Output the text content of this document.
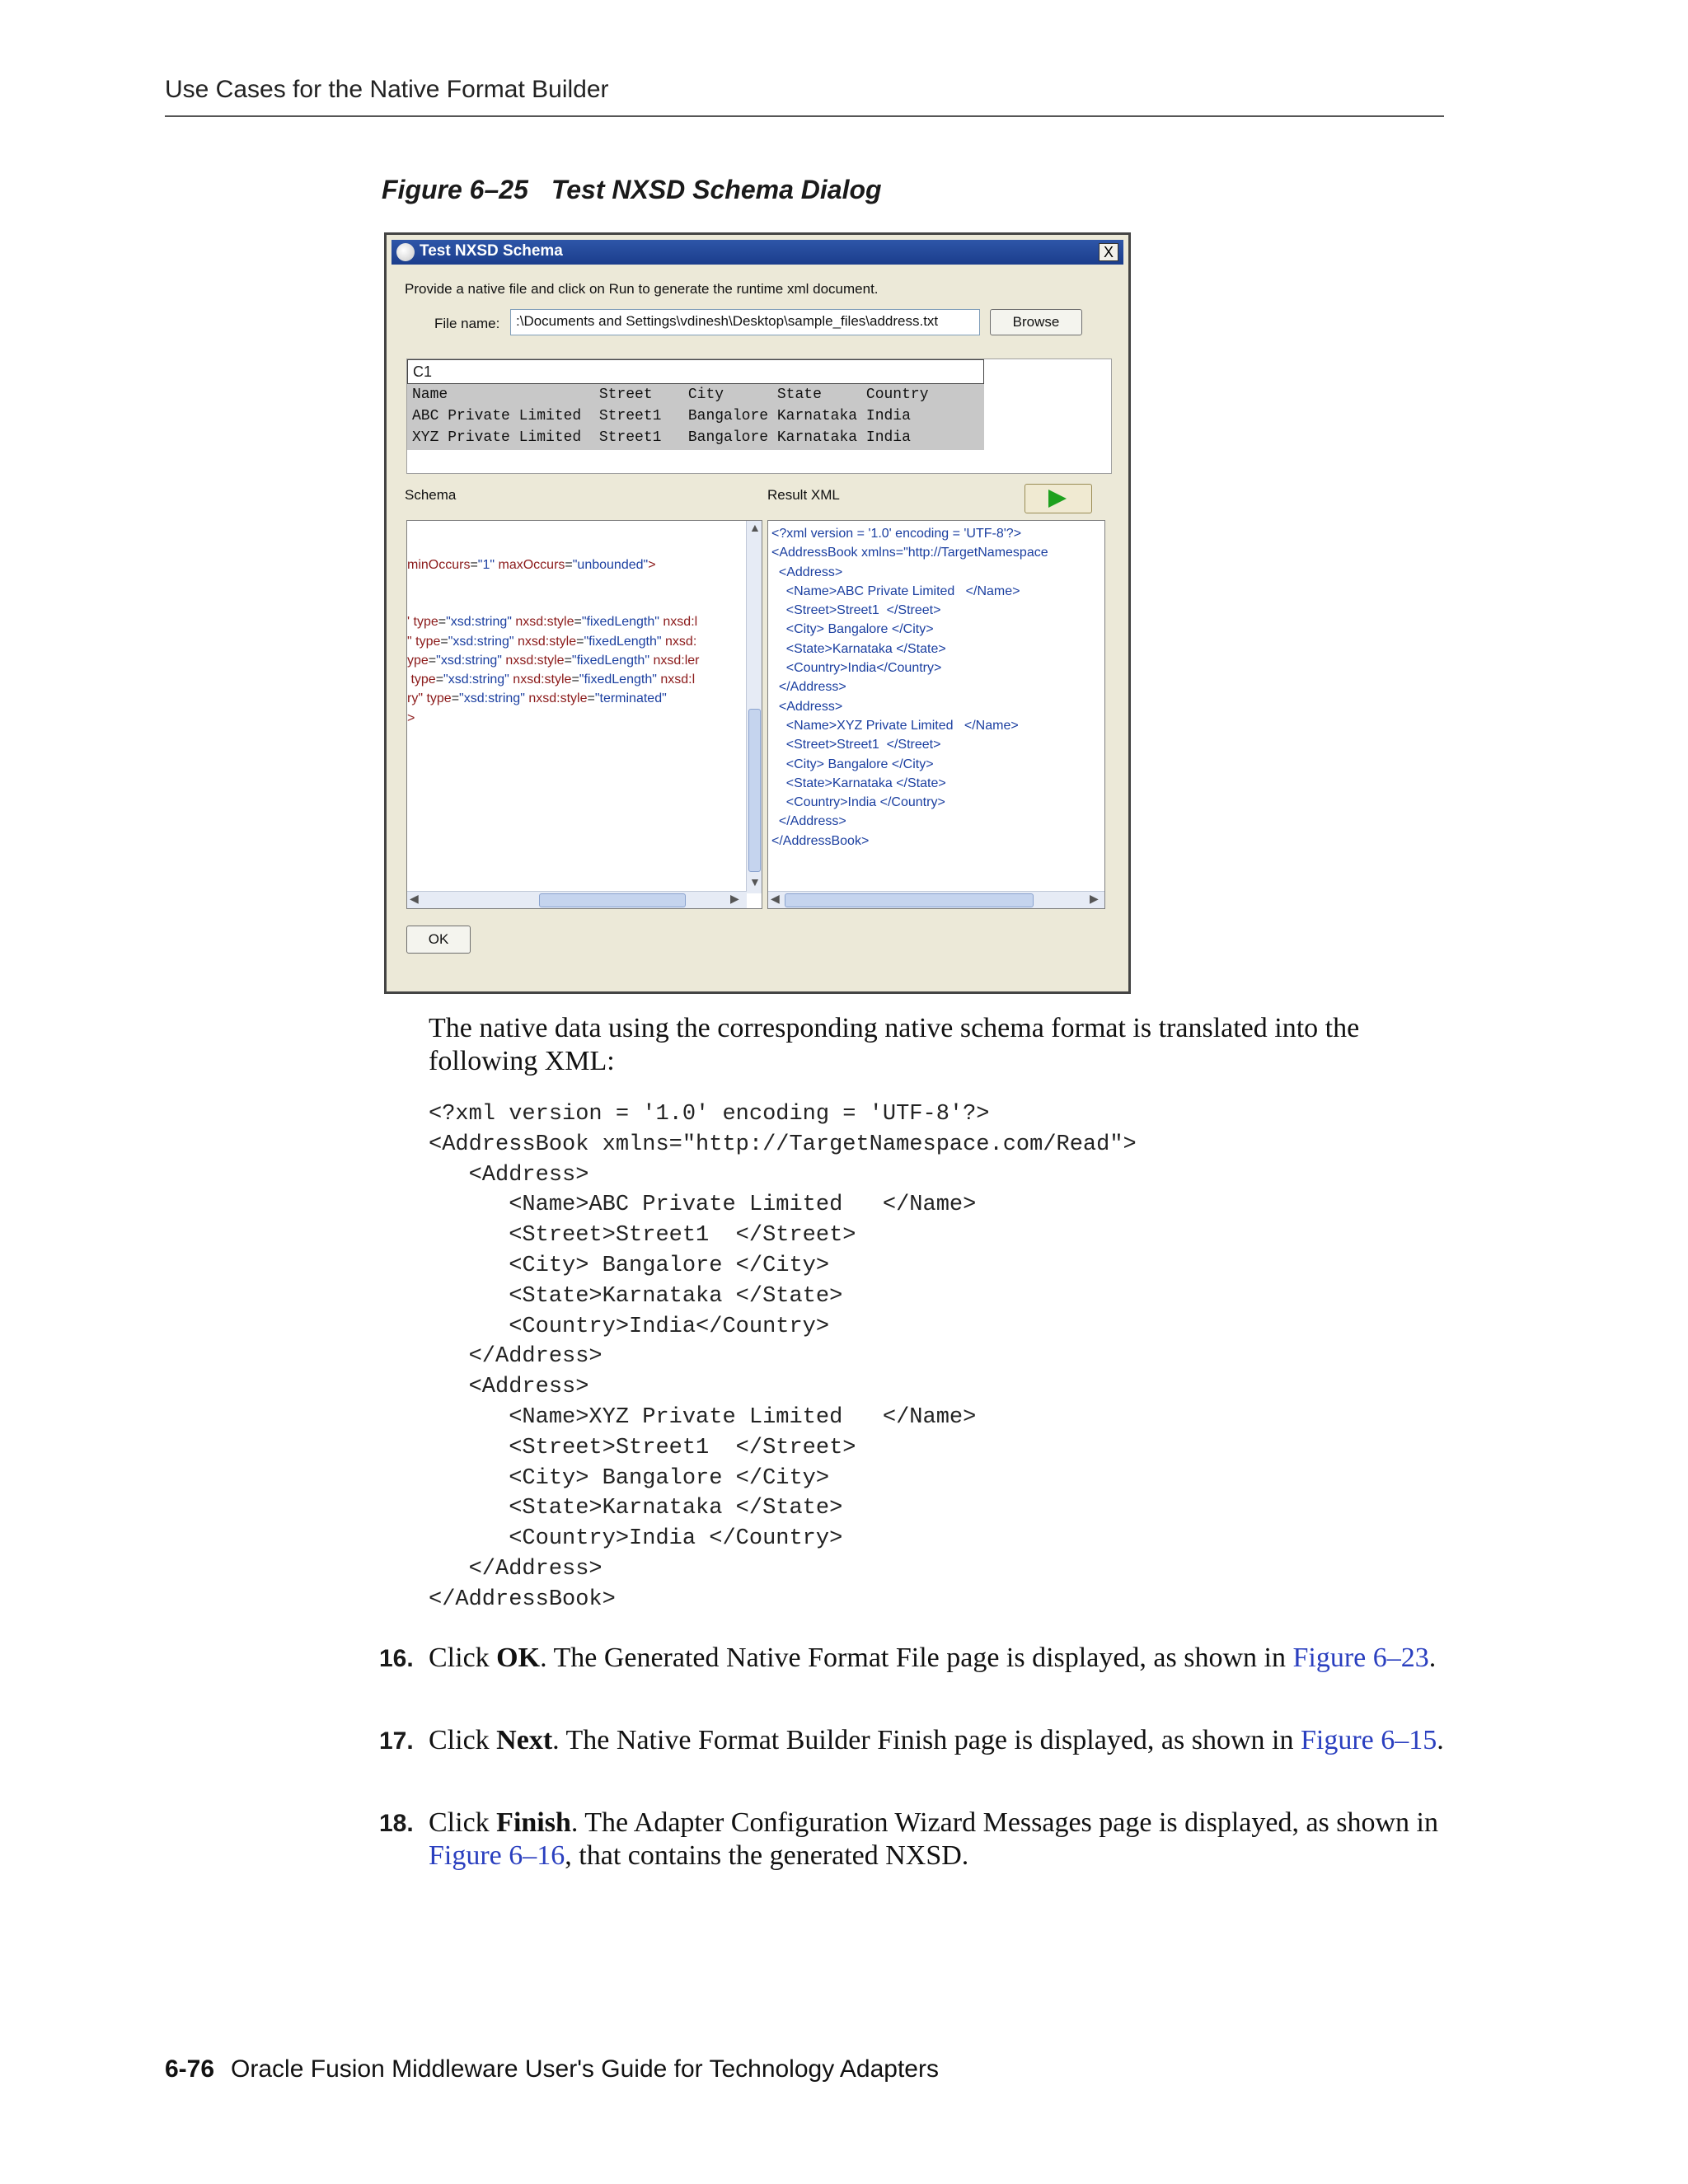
Use Cases for the Native Format Builder
Figure 6–25 Test NXSD Schema Dialog
Test NXSD Schema	X
Provide a native file and click on Run to generate the runtime xml document.
File name:	:\Documents and Settings\vdinesh\Desktop\sample_files\address.txt	Browse
C1
Name                 Street    City      State     Country
ABC Private Limited  Street1   Bangalore Karnataka India
XYZ Private Limited  Street1   Bangalore Karnataka India
Schema	Result XML
minOccurs="1" maxOccurs="unbounded">
' type="xsd:string" nxsd:style="fixedLength" nxsd:l
" type="xsd:string" nxsd:style="fixedLength" nxsd:
ype="xsd:string" nxsd:style="fixedLength" nxsd:ler
type="xsd:string" nxsd:style="fixedLength" nxsd:l
ry" type="xsd:string" nxsd:style="terminated"
>
▲
▼
◀	▶
<?xml version = '1.0' encoding = 'UTF-8'?>
<AddressBook xmlns="http://TargetNamespace
<Address>
<Name>ABC Private Limited   </Name>
<Street>Street1  </Street>
<City> Bangalore </City>
<State>Karnataka </State>
<Country>India</Country>
</Address>
<Address>
<Name>XYZ Private Limited   </Name>
<Street>Street1  </Street>
<City> Bangalore </City>
<State>Karnataka </State>
<Country>India </Country>
</Address>
</AddressBook>
◀	▶
OK
The native data using the corresponding native schema format is translated into the following XML:
<?xml version = '1.0' encoding = 'UTF-8'?>
<AddressBook xmlns="http://TargetNamespace.com/Read">
<Address>
<Name>ABC Private Limited   </Name>
<Street>Street1  </Street>
<City> Bangalore </City>
<State>Karnataka </State>
<Country>India</Country>
</Address>
<Address>
<Name>XYZ Private Limited   </Name>
<Street>Street1  </Street>
<City> Bangalore </City>
<State>Karnataka </State>
<Country>India </Country>
</Address>
</AddressBook>
16. Click OK. The Generated Native Format File page is displayed, as shown in Figure 6–23.
17. Click Next. The Native Format Builder Finish page is displayed, as shown in Figure 6–15.
18. Click Finish. The Adapter Configuration Wizard Messages page is displayed, as shown in Figure 6–16, that contains the generated NXSD.
6-76 Oracle Fusion Middleware User's Guide for Technology Adapters
